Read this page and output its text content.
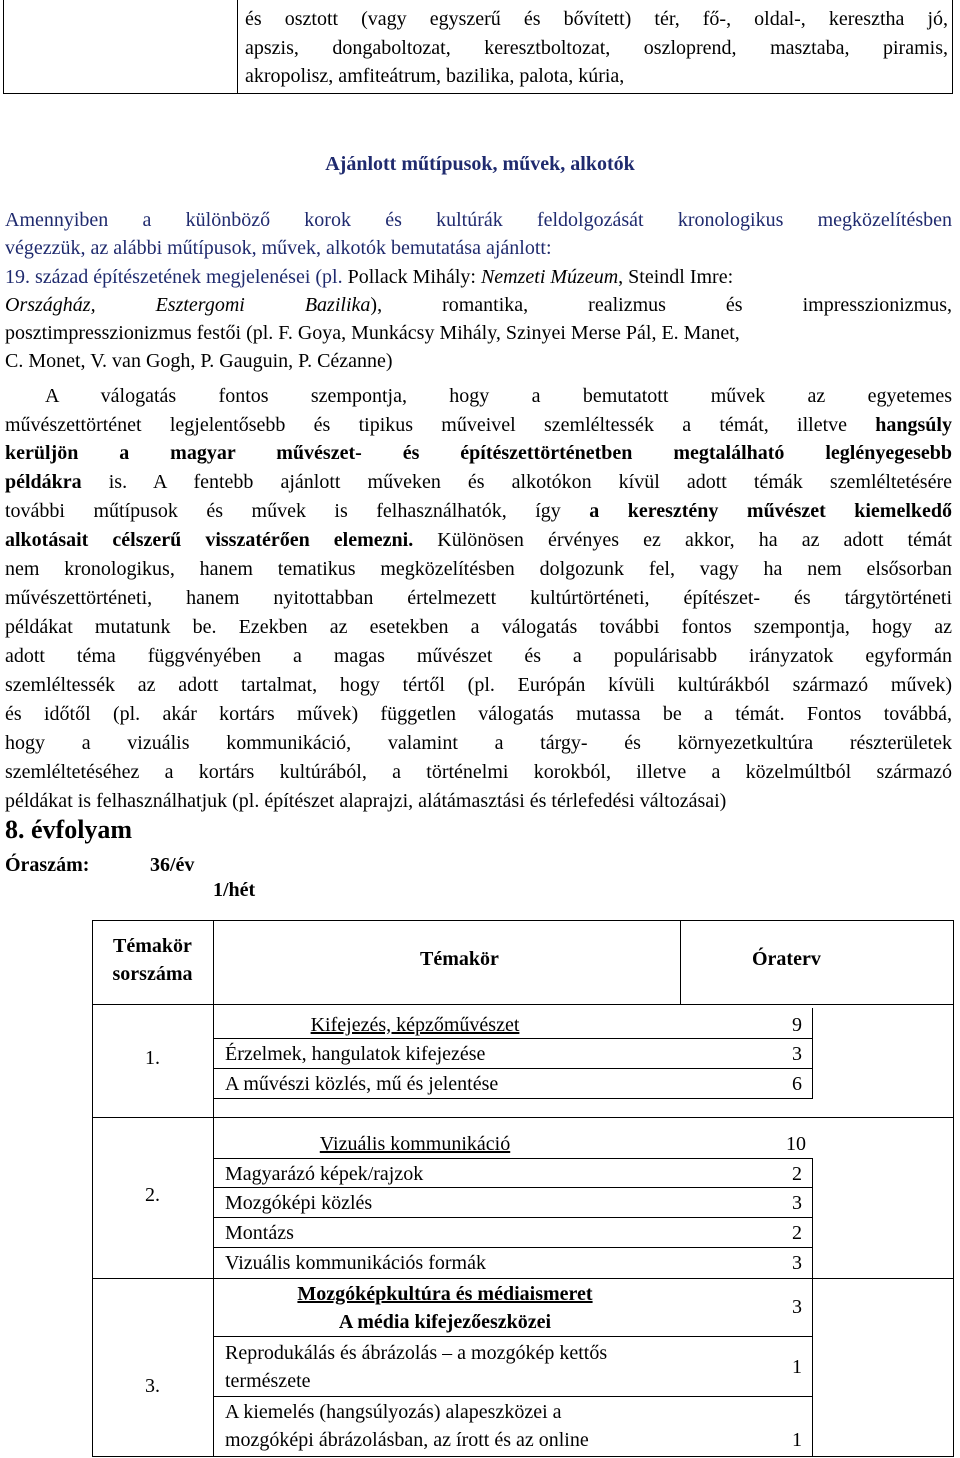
és osztott (vagy egyszerű és bővített) tér, fő-, oldal-, keresztha jó,
apszis, dongaboltozat, keresztboltozat, oszloprend, masztaba, piramis,
akropolisz, amfiteátrum, bazilika, palota, kúria,
Ajánlott műtípusok, művek, alkotók
Amennyiben a különböző korok és kultúrák feldolgozását kronologikus megközelítésben
végezzük, az alábbi műtípusok, művek, alkotók bemutatása ajánlott:
19. század építészetének megjelenései (pl. Pollack Mihály: Nemzeti Múzeum, Steindl Imre:
Országház, Esztergomi Bazilika), romantika, realizmus és impresszionizmus,
posztimpresszionizmus festői (pl. F. Goya, Munkácsy Mihály, Szinyei Merse Pál, E. Manet,
C. Monet, V. van Gogh, P. Gauguin, P. Cézanne)
A válogatás fontos szempontja, hogy a bemutatott művek az egyetemes
művészettörténet legjelentősebb és tipikus műveivel szemléltessék a témát, illetve hangsúly
kerüljön a magyar művészet- és építészettörténetben megtalálható leglényegesebb
példákra is. A fentebb ajánlott műveken és alkotókon kívül adott témák szemléltetésére
további műtípusok és művek is felhasználhatók, így a keresztény művészet kiemelkedő
alkotásait célszerű visszatérően elemezni. Különösen érvényes ez akkor, ha az adott témát
nem kronologikus, hanem tematikus megközelítésben dolgozunk fel, vagy ha nem elsősorban
művészettörténeti, hanem nyitottabban értelmezett kultúrtörténeti, építészet- és tárgytörténeti
példákat mutatunk be. Ezekben az esetekben a válogatás további fontos szempontja, hogy az
adott téma függvényében a magas művészet és a populárisabb irányzatok egyformán
szemléltessék az adott tartalmat, hogy tértől (pl. Európán kívüli kultúrákból származó művek)
és időtől (pl. akár kortárs művek) független válogatás mutassa be a témát. Fontos továbbá,
hogy a vizuális kommunikáció, valamint a tárgy- és környezetkultúra részterületek
szemléltetéséhez a kortárs kultúrából, a történelmi korokból, illetve a közelmúltból származó
példákat is felhasználhatjuk (pl. építészet alaprajzi, alátámasztási és térlefedési változásai)
8. évfolyam
Óraszám:	36/év
1/hét
Témakör
sorszáma
Témakör	Óraterv
1.
Kifejezés, képzőművészet	9
Érzelmek, hangulatok kifejezése	3
A művészi közlés, mű és jelentése	6
2.
Vizuális kommunikáció	10
Magyarázó képek/rajzok	2
Mozgóképi közlés	3
Montázs	2
Vizuális kommunikációs formák	3
3.
Mozgóképkultúra és médiaismeret
A média kifejezőeszközei
3
Reprodukálás és ábrázolás – a mozgókép kettős
természete
1
A kiemelés (hangsúlyozás) alapeszközei a
mozgóképi ábrázolásban, az írott és az online	1
